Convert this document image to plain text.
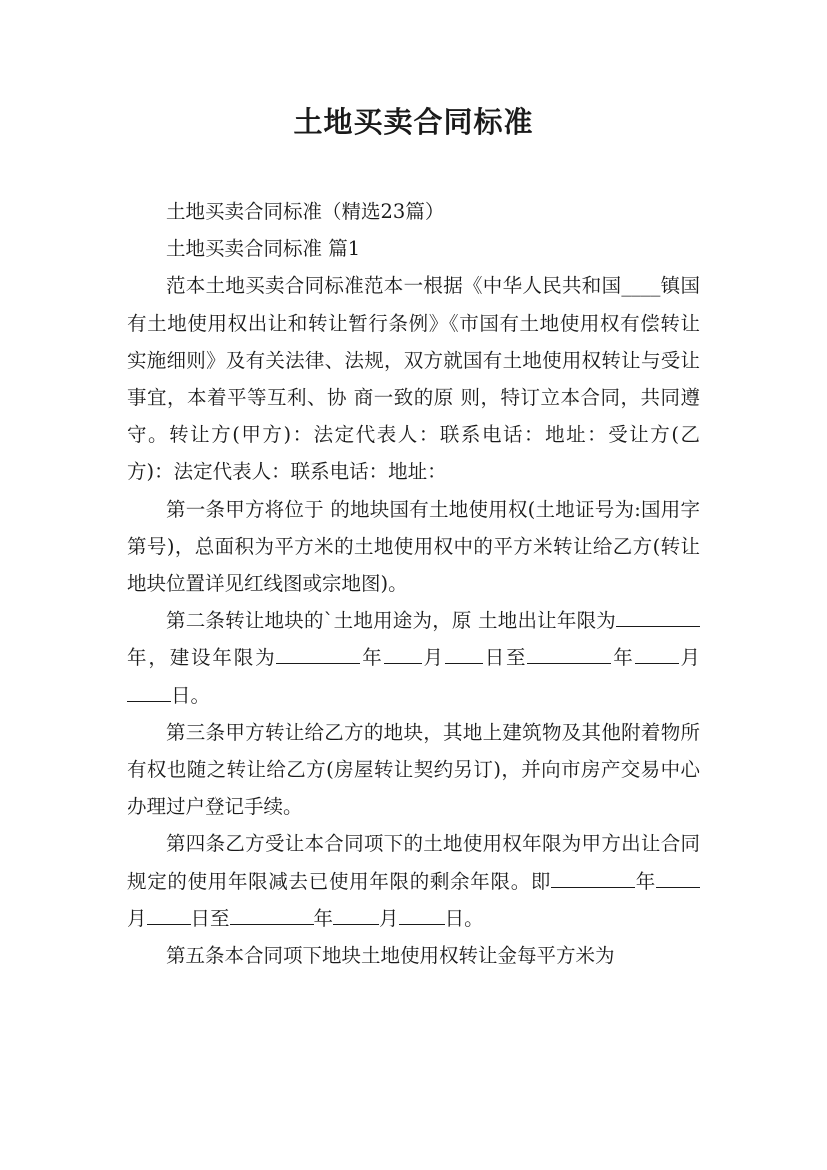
土地买卖合同标准

土地买卖合同标准（精选23篇）

土地买卖合同标准 篇1

范本土地买卖合同标准范本一根据《中华人民共和国____镇国有土地使用权出让和转让暂行条例》《市国有土地使用权有偿转让实施细则》及有关法律、法规，双方就国有土地使用权转让与受让事宜，本着平等互利、协 商一致的原 则，特订立本合同，共同遵守。转让方(甲方)：法定代表人：联系电话：地址：受让方(乙方)：法定代表人：联系电话：地址：

第一条甲方将位于 的地块国有土地使用权(土地证号为:国用字第号)，总面积为平方米的土地使用权中的平方米转让给乙方(转让地块位置详见红线图或宗地图)。

第二条转让地块的`土地用途为，原 土地出让年限为年，建设年限为	年 月 日至	年 月日。

第三条甲方转让给乙方的地块，其地上建筑物及其他附着物所有权也随之转让给乙方(房屋转让契约另订)，并向市房产交易中心办理过户登记手续。

第四条乙方受让本合同项下的土地使用权年限为甲方出让合同规定的使用年限减去已使用年限的剩余年限。即	年月 日至	年 月 日。

第五条本合同项下地块土地使用权转让金每平方米为
